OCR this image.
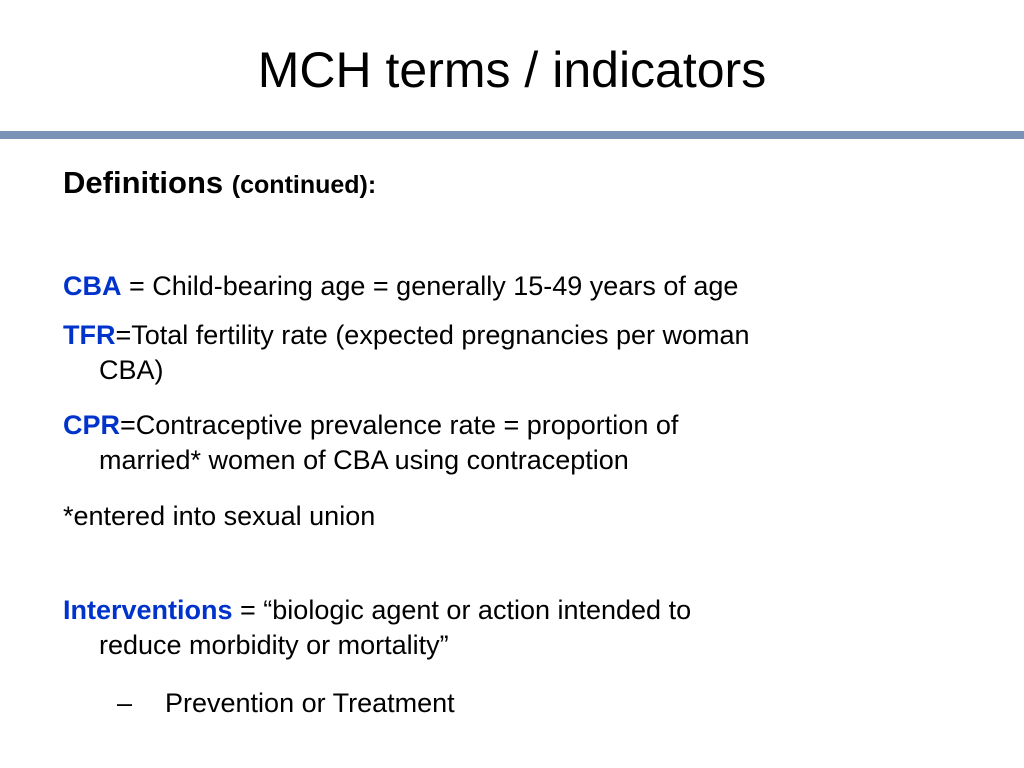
MCH terms / indicators
Definitions (continued):
CBA = Child-bearing age = generally 15-49 years of age
TFR=Total fertility rate (expected pregnancies per woman
CBA)
CPR=Contraceptive prevalence rate = proportion of
married* women of CBA using contraception
*entered into sexual union
Interventions = “biologic agent or action intended to
reduce morbidity or mortality”
– Prevention or Treatment
